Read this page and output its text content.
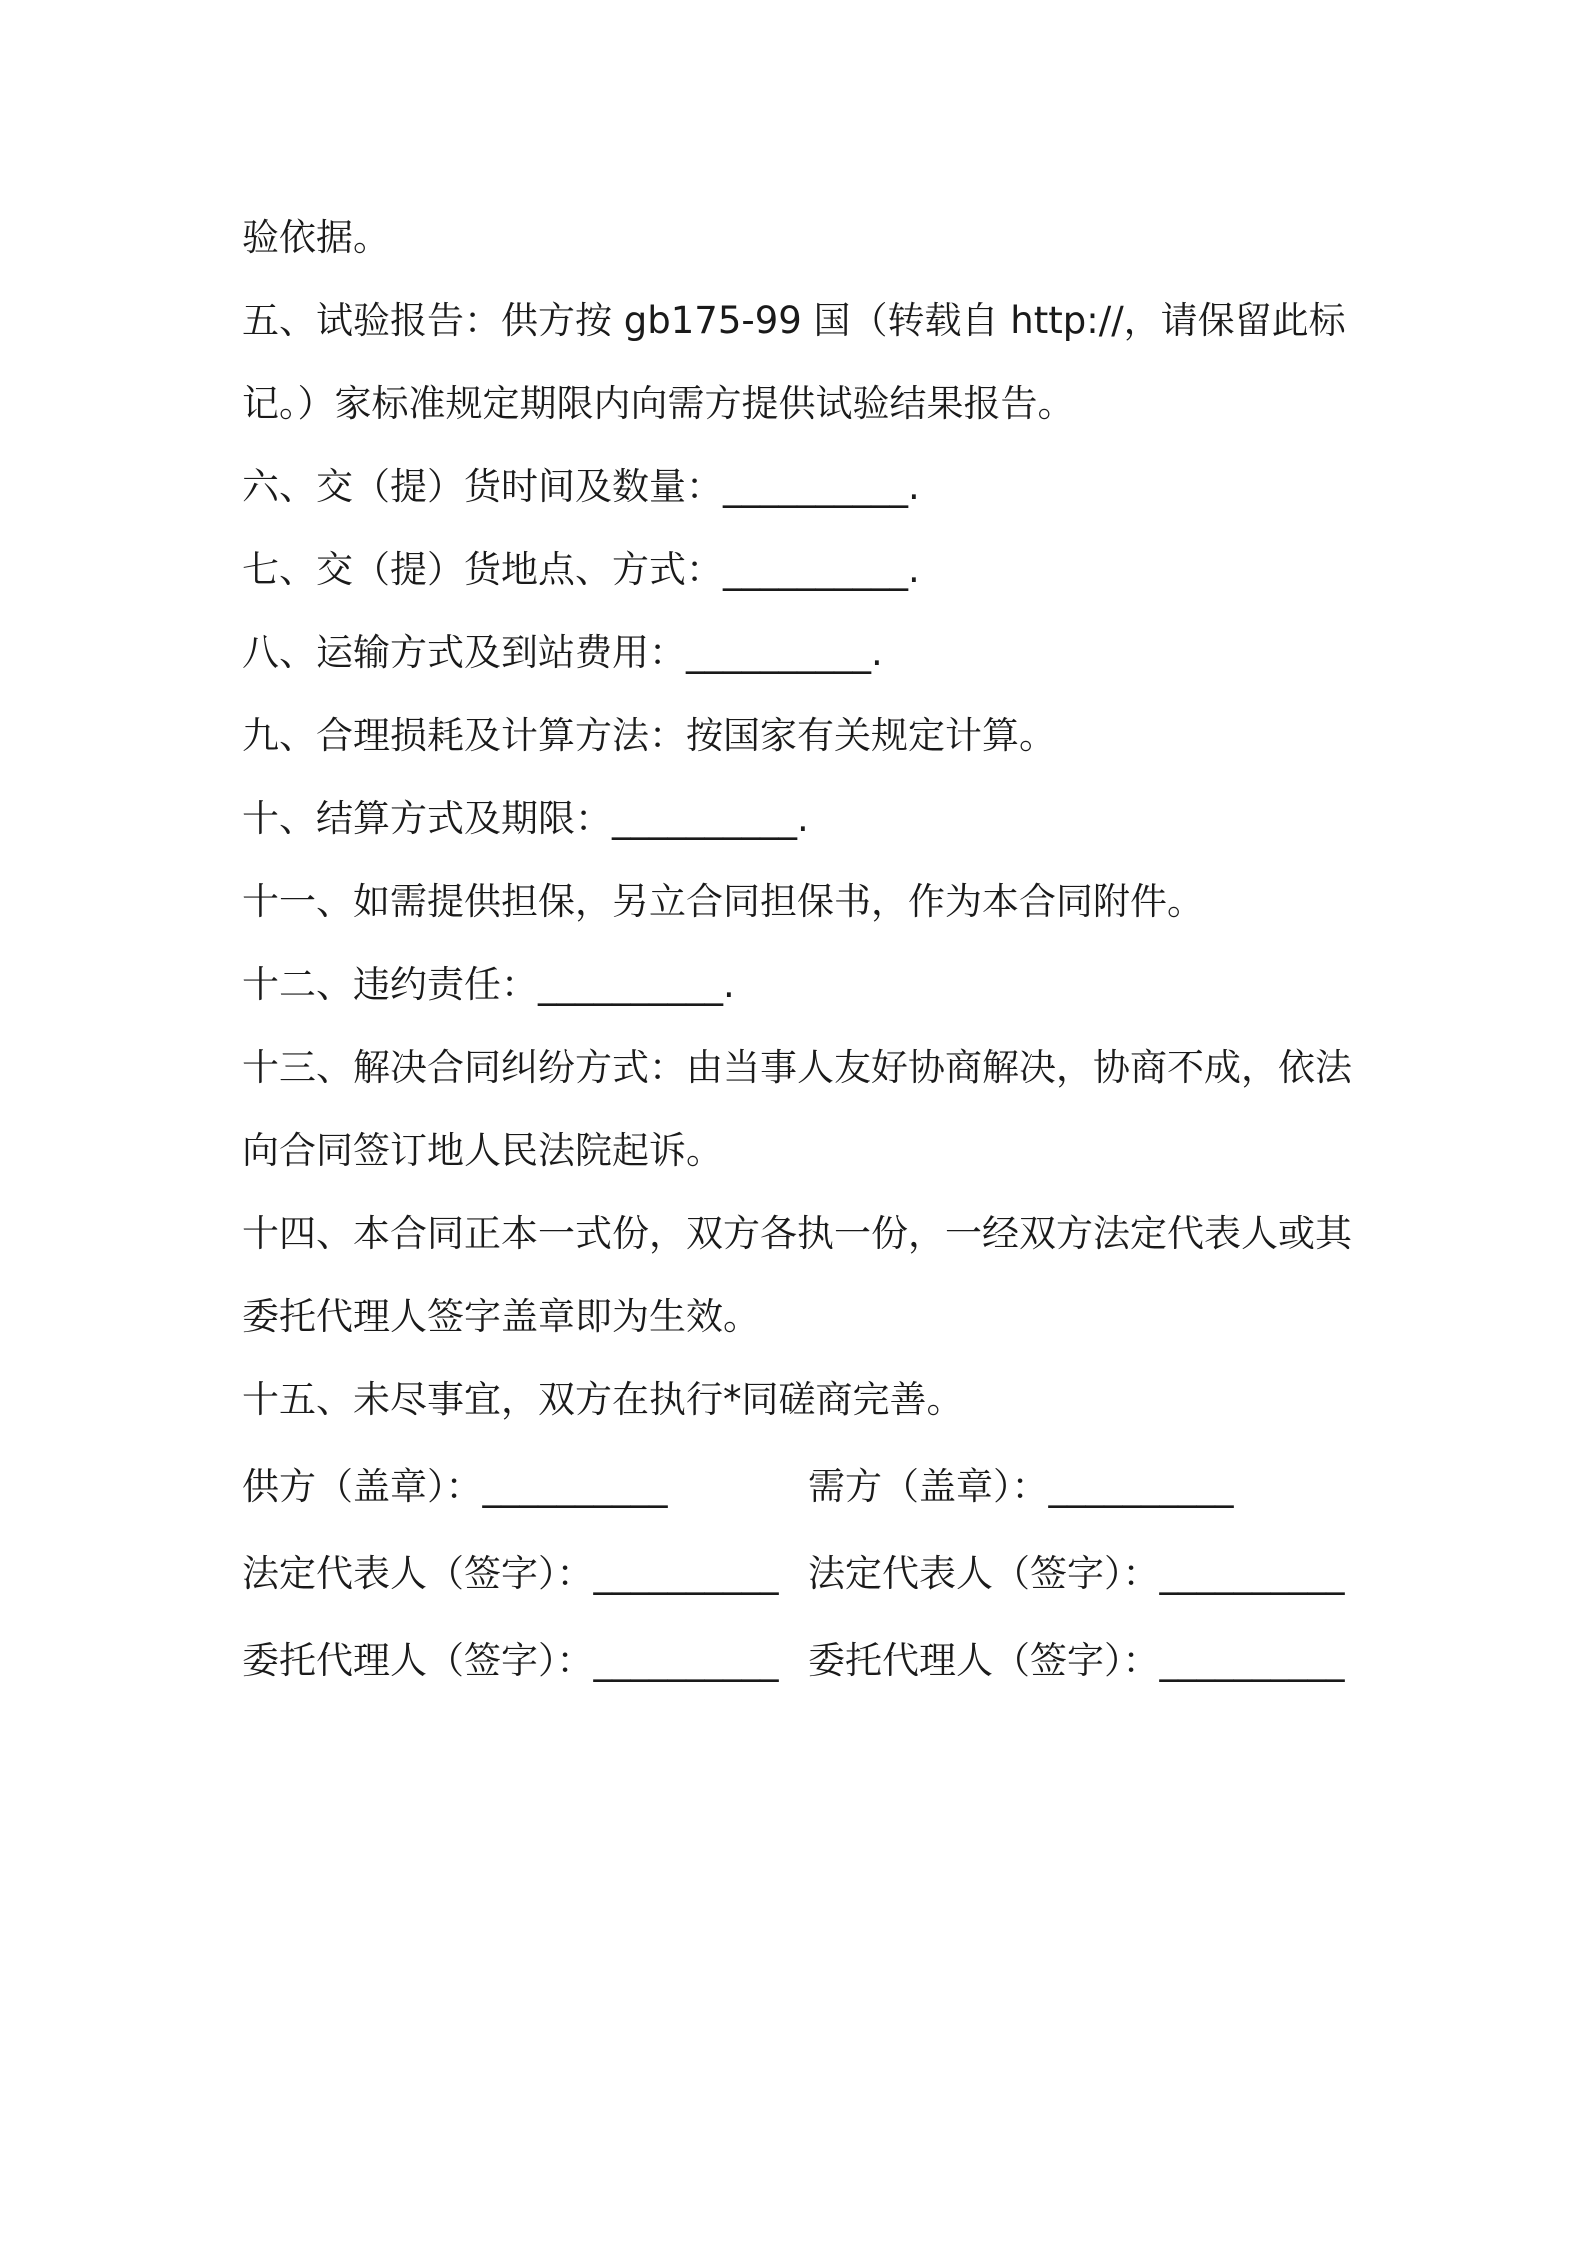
验依据。
五、试验报告：供方按 gb175-99 国（转载自 http://，请保留此标
记。）家标准规定期限内向需方提供试验结果报告。
六、交（提）货时间及数量：__________.
七、交（提）货地点、方式：__________.
八、运输方式及到站费用：__________.
九、合理损耗及计算方法：按国家有关规定计算。
十、结算方式及期限：__________.
十一、如需提供担保，另立合同担保书，作为本合同附件。
十二、违约责任：__________.
十三、解决合同纠纷方式：由当事人友好协商解决，协商不成，依法
向合同签订地人民法院起诉。
十四、本合同正本一式份，双方各执一份，一经双方法定代表人或其
委托代理人签字盖章即为生效。
十五、未尽事宜，双方在执行*同磋商完善。
供方（盖章）：__________	需方（盖章）：__________
法定代表人（签字）：__________ 法定代表人（签字）：__________
委托代理人（签字）：__________ 委托代理人（签字）：__________
